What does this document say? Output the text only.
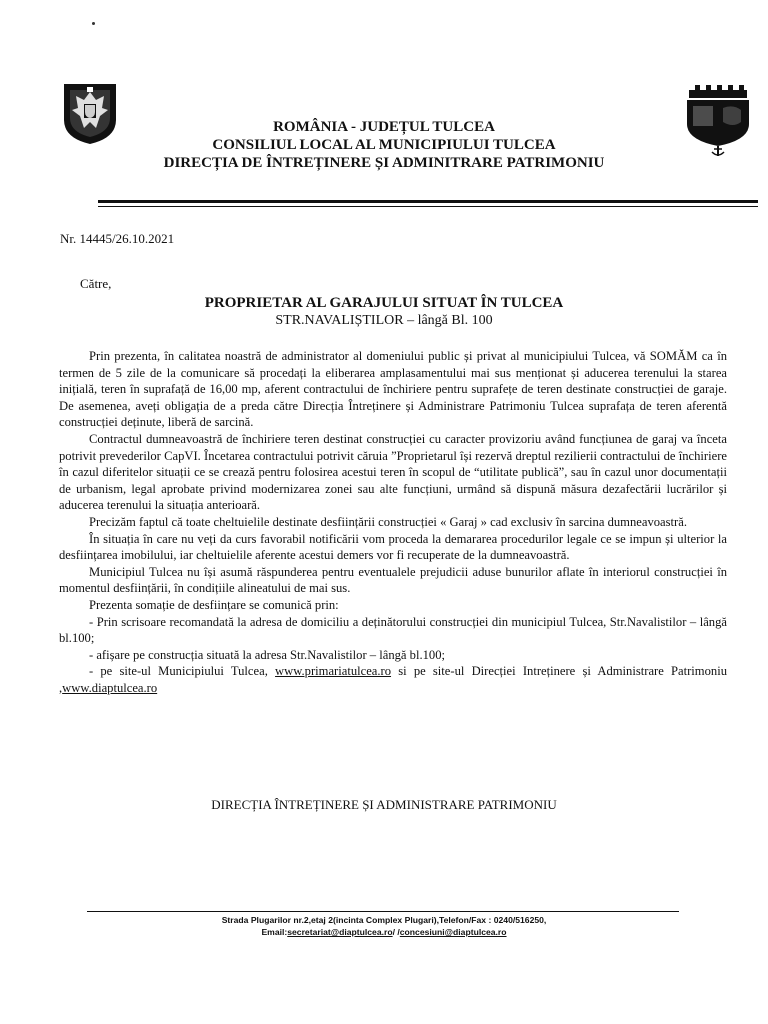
ROMÂNIA - JUDEȚUL TULCEA
CONSILIUL LOCAL AL MUNICIPIULUI TULCEA
DIRECȚIA DE ÎNTREȚINERE ȘI ADMINITRARE PATRIMONIU
Nr. 14445/26.10.2021
Către,
PROPRIETAR AL GARAJULUI SITUAT ÎN TULCEA
STR.NAVALIȘTILOR – lângă Bl. 100

Prin prezenta, în calitatea noastră de administrator al domeniului public și privat al municipiului Tulcea, vă SOMĂM ca în termen de 5 zile de la comunicare să procedați la eliberarea amplasamentului mai sus menționat și aducerea terenului la starea inițială, teren în suprafață de 16,00 mp, aferent contractului de închiriere pentru suprafețe de teren destinate construcției de garaje. De asemenea, aveți obligația de a preda către Direcția Întreținere și Administrare Patrimoniu Tulcea suprafața de teren aferentă construcției deținute, liberă de sarcină.

Contractul dumneavoastră de închiriere teren destinat construcției cu caracter provizoriu având funcțiunea de garaj va înceta potrivit prevederilor CapVI. Încetarea contractului potrivit căruia ”Proprietarul își rezervă dreptul rezilierii contractului de închiriere în cazul diferitelor situații ce se crează pentru folosirea acestui teren în scopul de “utilitate publică”, sau în cazul unor documentații de urbanism, legal aprobate privind modernizarea zonei sau alte funcțiuni, urmând să dispună măsura dezafectării lucrărilor și aducerea terenului la situația anterioară.

Precizăm faptul că toate cheltuielile destinate desființării construcției « Garaj » cad exclusiv în sarcina dumneavoastră.

În situația în care nu veți da curs favorabil notificării vom proceda la demararea procedurilor legale ce se impun și ulterior la desființarea imobilului, iar cheltuielile aferente acestui demers vor fi recuperate de la dumneavoastră.

Municipiul Tulcea nu își asumă răspunderea pentru eventualele prejudicii aduse bunurilor aflate în interiorul construcției în momentul desființării, în condițiile alineatului de mai sus.

Prezenta somație de desființare se comunică prin:

- Prin scrisoare recomandată la adresa de domiciliu a deținătorului construcției din municipiul Tulcea, Str.Navalistilor – lângă bl.100;

- afișare pe construcția situată la adresa Str.Navalistilor – lângă bl.100;

- pe site-ul Municipiului Tulcea, www.primariatulcea.ro si pe site-ul Direcției Intreținere și Administrare Patrimoniu ,www.diaptulcea.ro

DIRECȚIA ÎNTREȚINERE ȘI ADMINISTRARE PATRIMONIU
Strada Plugarilor nr.2,etaj 2(incinta Complex Plugari),Telefon/Fax : 0240/516250,
Email:secretariat@diaptulcea.ro/ /concesiuni@diaptulcea.ro
